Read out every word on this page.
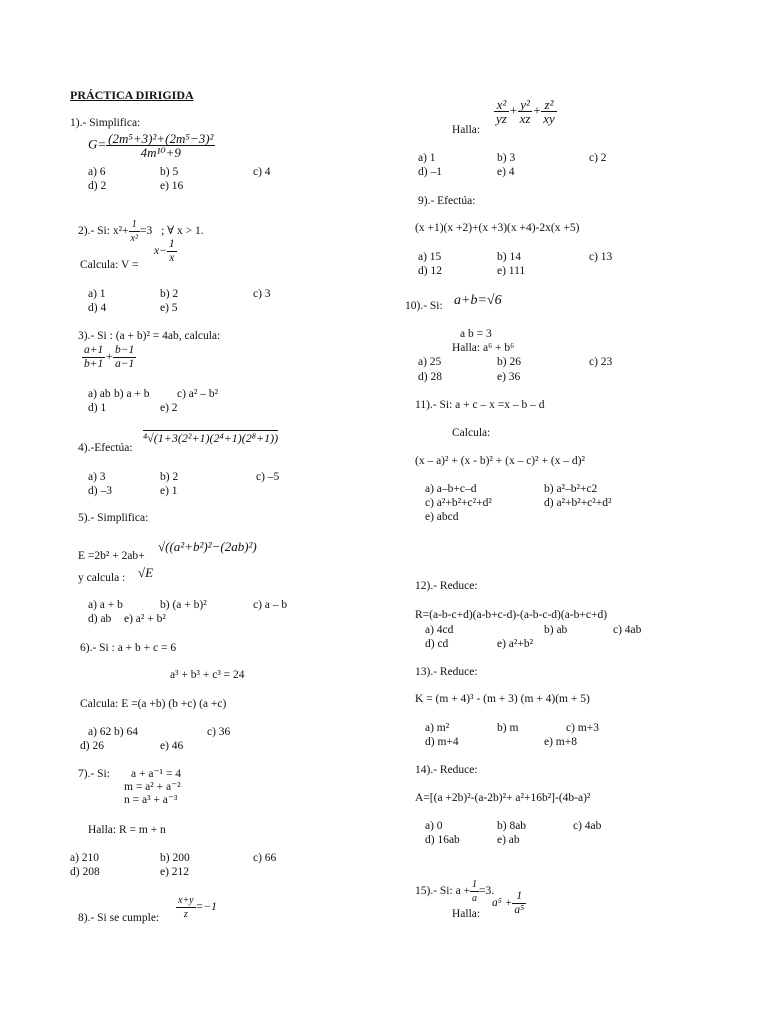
PRÁCTICA DIRIGIDA
1).- Simplifica:
$G= \frac{\text{(2m⁵+3)²+(2m⁵−3)²}}{\text{4m¹⁰+9}}$
a) 6	b) 5	c) 4
d) 2	e) 16
2).- Si: $x^2+ \frac{1}{\text{x²}} =3$ ; ∀ x > 1.
Calcula: V =
$x- \frac{1}{x}$
a) 1	b) 2	c) 3
d) 4	e) 5
3).- Si : (a + b)² = 4ab, calcula:
$\frac{a+1}{b+1} + \frac{b-1}{a-1}$
a) ab b) a + b c) a² – b²
d) 1	e) 2
4).-Efectúa:
⁴√(1+3(2²+1)(2⁴+1)(2⁸+1))
a) 3	b) 2	c) –5
d) –3	e) 1
5).- Simplifica:
E =2b² + 2ab+
√((a²+b²)²−(2ab)²)
y calcula : √E
a) a + b	b) (a + b)²	c) a – b
d) ab e) a² + b²
6).- Si : a + b + c = 6
a³ + b³ + c³ = 24
Calcula: E =(a +b) (b +c) (a +c)
a) 62 b) 64	c) 36
d) 26	e) 46
7).- Si: a + a⁻¹ = 4
m = a² + a⁻²
n = a³ + a⁻³
Halla: R = m + n
a) 210	b) 200	c) 66
d) 208	e) 212
8).- Si se cumple: $\frac{x+y}{z} =-1$
Halla:
$\frac{\text{x²}}{yz} + \frac{\text{y²}}{xz} + \frac{\text{z²}}{xy}$
a) 1	b) 3	c) 2
d) –1	e) 4
9).- Efectúa:
(x +1)(x +2)+(x +3)(x +4)-2x(x +5)
a) 15	b) 14	c) 13
d) 12	e) 111
10).- Si: a+b=√6
a b = 3
Halla: a⁶ + b⁶
a) 25	b) 26	c) 23
d) 28	e) 36
11).- Si: a + c – x =x – b – d
Calcula:
(x – a)² + (x - b)² + (x – c)² + (x – d)²
a) a–b+c–d	b) a²–b²+c2
c) a²+b²+c²+d²	d) a²+b²+c²+d²
e) abcd
12).- Reduce:
R=(a-b-c+d)(a-b+c-d)-(a-b-c-d)(a-b+c+d)
a) 4cd	b) ab	c) 4ab
d) cd	e) a²+b²
13).- Reduce:
K = (m + 4)³ - (m + 3) (m + 4)(m + 5)
a) m²	b) m	c) m+3
d) m+4	e) m+8
14).- Reduce:
A=[(a +2b)²-(a-2b)²+ a²+16b²]-(4b-a)²
a) 0	b) 8ab	c) 4ab
d) 16ab	e) ab
15).- Si: $a + \frac{1}{a} =3$.
Halla:
$a^5 + \frac{1}{\text{a⁵}}$
